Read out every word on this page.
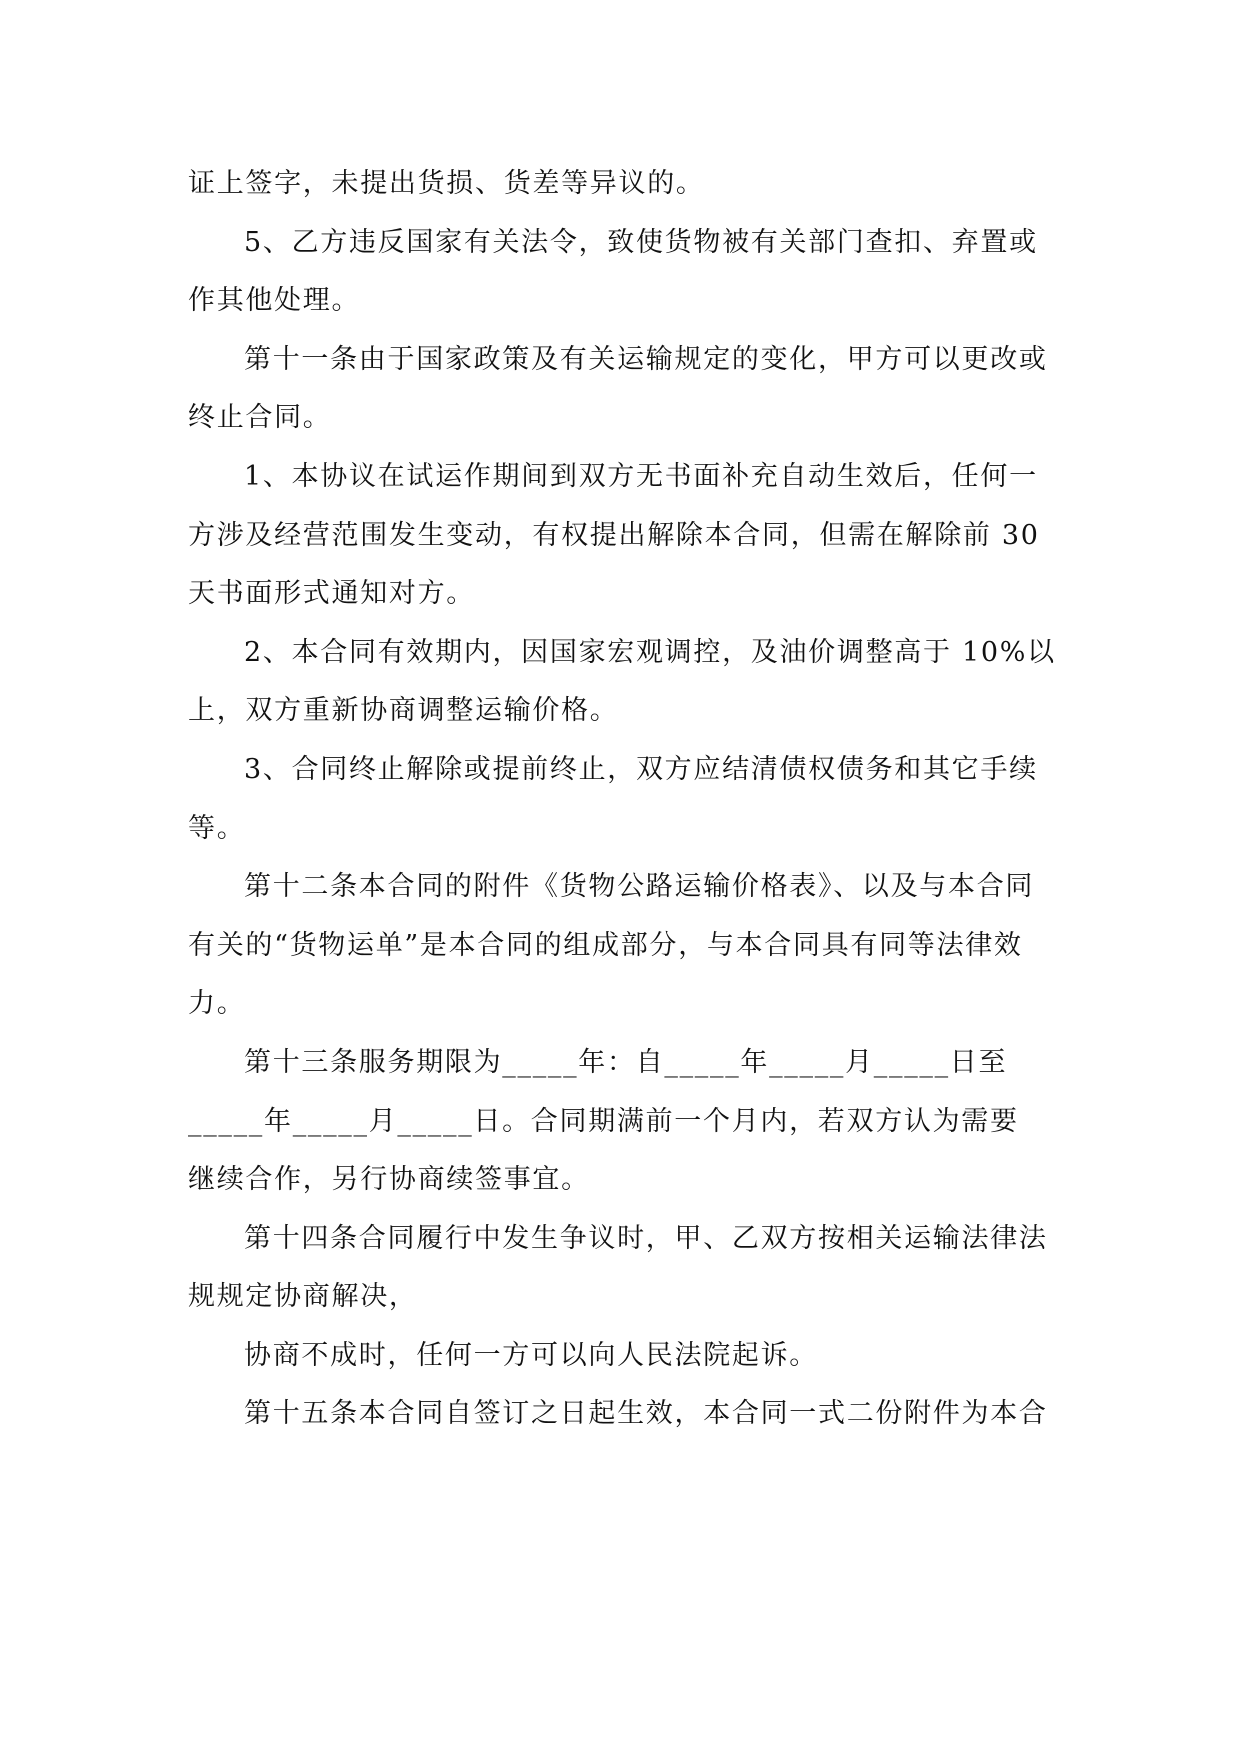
证上签字，未提出货损、货差等异议的。
5、乙方违反国家有关法令，致使货物被有关部门查扣、弃置或
作其他处理。
第十一条由于国家政策及有关运输规定的变化，甲方可以更改或
终止合同。
1、本协议在试运作期间到双方无书面补充自动生效后，任何一
方涉及经营范围发生变动，有权提出解除本合同，但需在解除前 30
天书面形式通知对方。
2、本合同有效期内，因国家宏观调控，及油价调整高于 10%以
上，双方重新协商调整运输价格。
3、合同终止解除或提前终止，双方应结清债权债务和其它手续
等。
第十二条本合同的附件《货物公路运输价格表》、以及与本合同
有关的“货物运单”是本合同的组成部分，与本合同具有同等法律效
力。
第十三条服务期限为_____年：自_____年_____月_____日至
_____年_____月_____日。合同期满前一个月内，若双方认为需要
继续合作，另行协商续签事宜。
第十四条合同履行中发生争议时，甲、乙双方按相关运输法律法
规规定协商解决，
协商不成时，任何一方可以向人民法院起诉。
第十五条本合同自签订之日起生效，本合同一式二份附件为本合
